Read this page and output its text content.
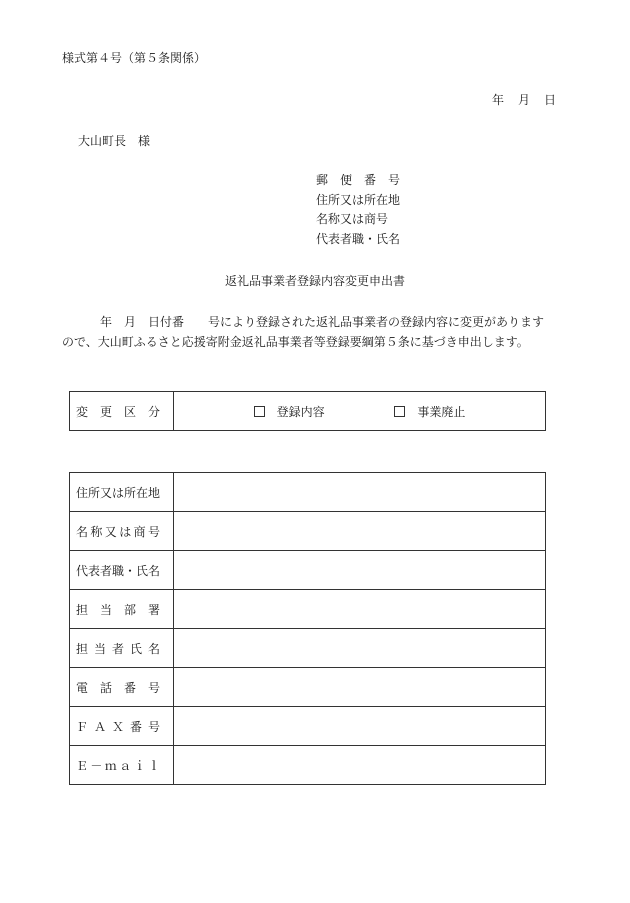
様式第４号（第５条関係）
年 月 日
大山町長　様
郵　便　番　号
住所又は所在地
名称又は商号
代表者職・氏名
返礼品事業者登録内容変更申出書

年　月　日付番　　号により登録された返礼品事業者の登録内容に変更があります

ので、大山町ふるさと応援寄附金返礼品事業者等登録要綱第５条に基づき申出します。

変　更　区　分	登録内容	事業廃止
住所又は所在地	
名称又は商号	
代表者職・氏名	
担当部署	
担当者氏名	
電話番号	
ＦＡＸ番号	
Ｅ－ｍａｉｌ	
